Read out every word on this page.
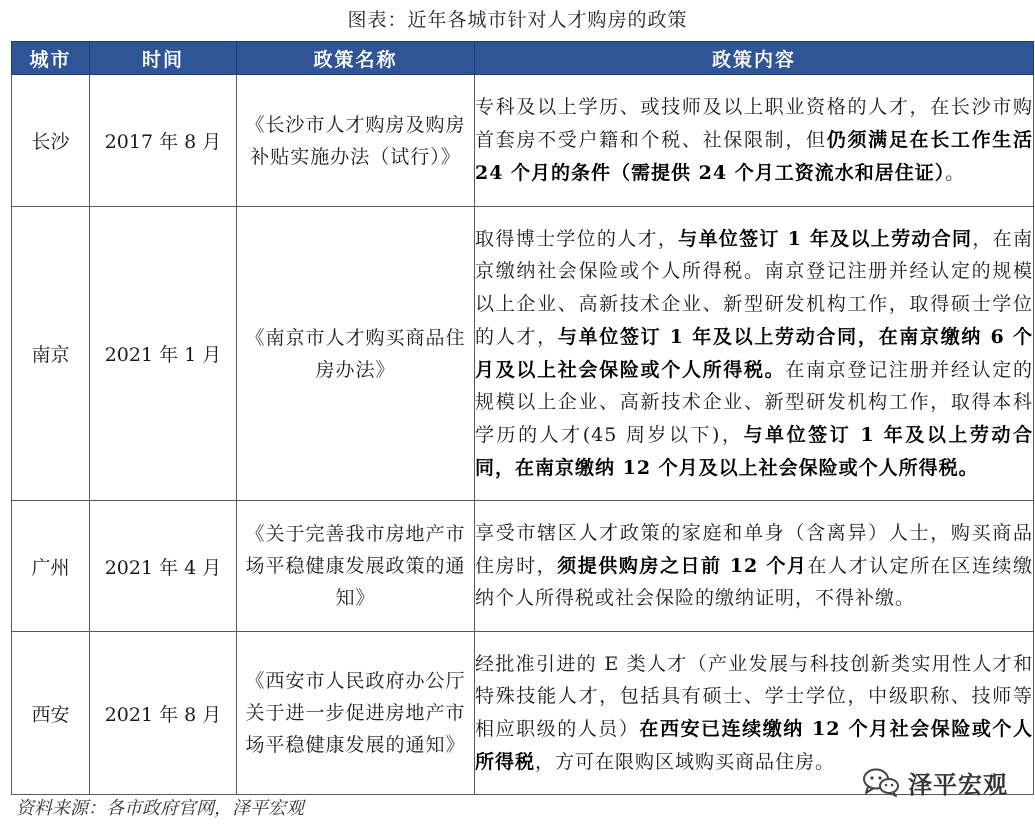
图表：近年各城市针对人才购房的政策
城市	时间	政策名称	政策内容
长沙	2017 年 8 月	《长沙市人才购房及购房补贴实施办法（试行）》	专科及以上学历、或技师及以上职业资格的人才，在长沙市购首套房不受户籍和个税、社保限制，但仍须满足在长工作生活 24 个月的条件（需提供 24 个月工资流水和居住证）。
南京	2021 年 1 月	《南京市人才购买商品住房办法》	取得博士学位的人才，与单位签订 1 年及以上劳动合同，在南京缴纳社会保险或个人所得税。南京登记注册并经认定的规模以上企业、高新技术企业、新型研发机构工作，取得硕士学位的人才，与单位签订 1 年及以上劳动合同，在南京缴纳 6 个月及以上社会保险或个人所得税。在南京登记注册并经认定的规模以上企业、高新技术企业、新型研发机构工作，取得本科学历的人才(45 周岁以下)，与单位签订 1 年及以上劳动合同，在南京缴纳 12 个月及以上社会保险或个人所得税。
广州	2021 年 4 月	《关于完善我市房地产市场平稳健康发展政策的通知》	享受市辖区人才政策的家庭和单身（含离异）人士，购买商品住房时，须提供购房之日前 12 个月在人才认定所在区连续缴纳个人所得税或社会保险的缴纳证明，不得补缴。
西安	2021 年 8 月	《西安市人民政府办公厅关于进一步促进房地产市场平稳健康发展的通知》	经批准引进的 E 类人才（产业发展与科技创新类实用性人才和特殊技能人才，包括具有硕士、学士学位，中级职称、技师等相应职级的人员）在西安已连续缴纳 12 个月社会保险或个人所得税，方可在限购区域购买商品住房。
资料来源：各市政府官网，泽平宏观
泽平宏观
